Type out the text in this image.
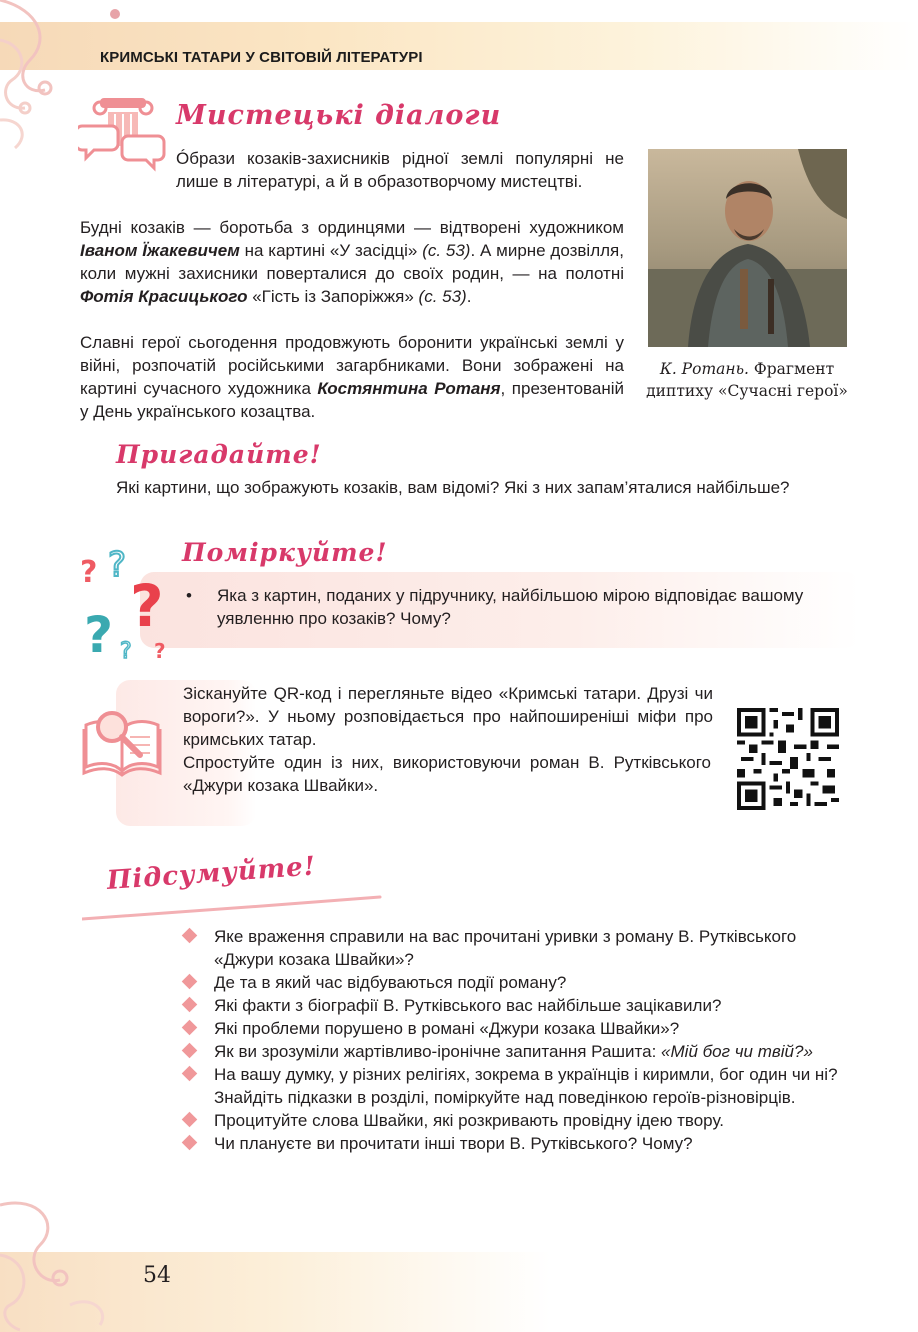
КРИМСЬКІ ТАТАРИ У СВІТОВІЙ ЛІТЕРАТУРІ
Мистецькі діалоги
Óбрази козаків-захисників рідної землі популярні не лише в літературі, а й в образотворчому мистецтві.
Будні козаків — боротьба з ординцями — відтворені художником Іваном Їжакевичем на картині «У засідці» (с. 53). А мирне дозвілля, коли мужні захисники поверталися до своїх родин, — на полотні Фотія Красицького «Гість із Запоріжжя» (с. 53).
Славні герої сьогодення продовжують боронити українські землі у війні, розпочатій російськими загарбниками. Вони зображені на картині сучасного художника Костянтина Ротаня, презентованій у День українського козацтва.
К. Ротань. Фрагмент диптиху «Сучасні герої»
Пригадайте!
Які картини, що зображують козаків, вам відомі? Які з них запам’яталися найбільше?
Поміркуйте!
? ?
?
? ? ?
• Яка з картин, поданих у підручнику, найбільшою мірою відповідає вашому уявленню про козаків? Чому?
Зіскануйте QR-код і перегляньте відео «Кримські татари. Друзі чи вороги?». У ньому розповідається про найпоширеніші міфи про кримських татар.
Спростуйте один із них, використовуючи роман В. Рутківського «Джури козака Швайки».
Підсумуйте!
Яке враження справили на вас прочитані уривки з роману В. Рутківського «Джури козака Швайки»?
Де та в який час відбуваються події роману?
Які факти з біографії В. Рутківського вас найбільше зацікавили?
Які проблеми порушено в романі «Джури козака Швайки»?
Як ви зрозуміли жартівливо-іронічне запитання Рашита: «Мій бог чи твій?»
На вашу думку, у різних релігіях, зокрема в українців і киримли, бог один чи ні? Знайдіть підказки в розділі, поміркуйте над поведінкою героїв-різновірців.
Процитуйте слова Швайки, які розкривають провідну ідею твору.
Чи плануєте ви прочитати інші твори В. Рутківського? Чому?
54
